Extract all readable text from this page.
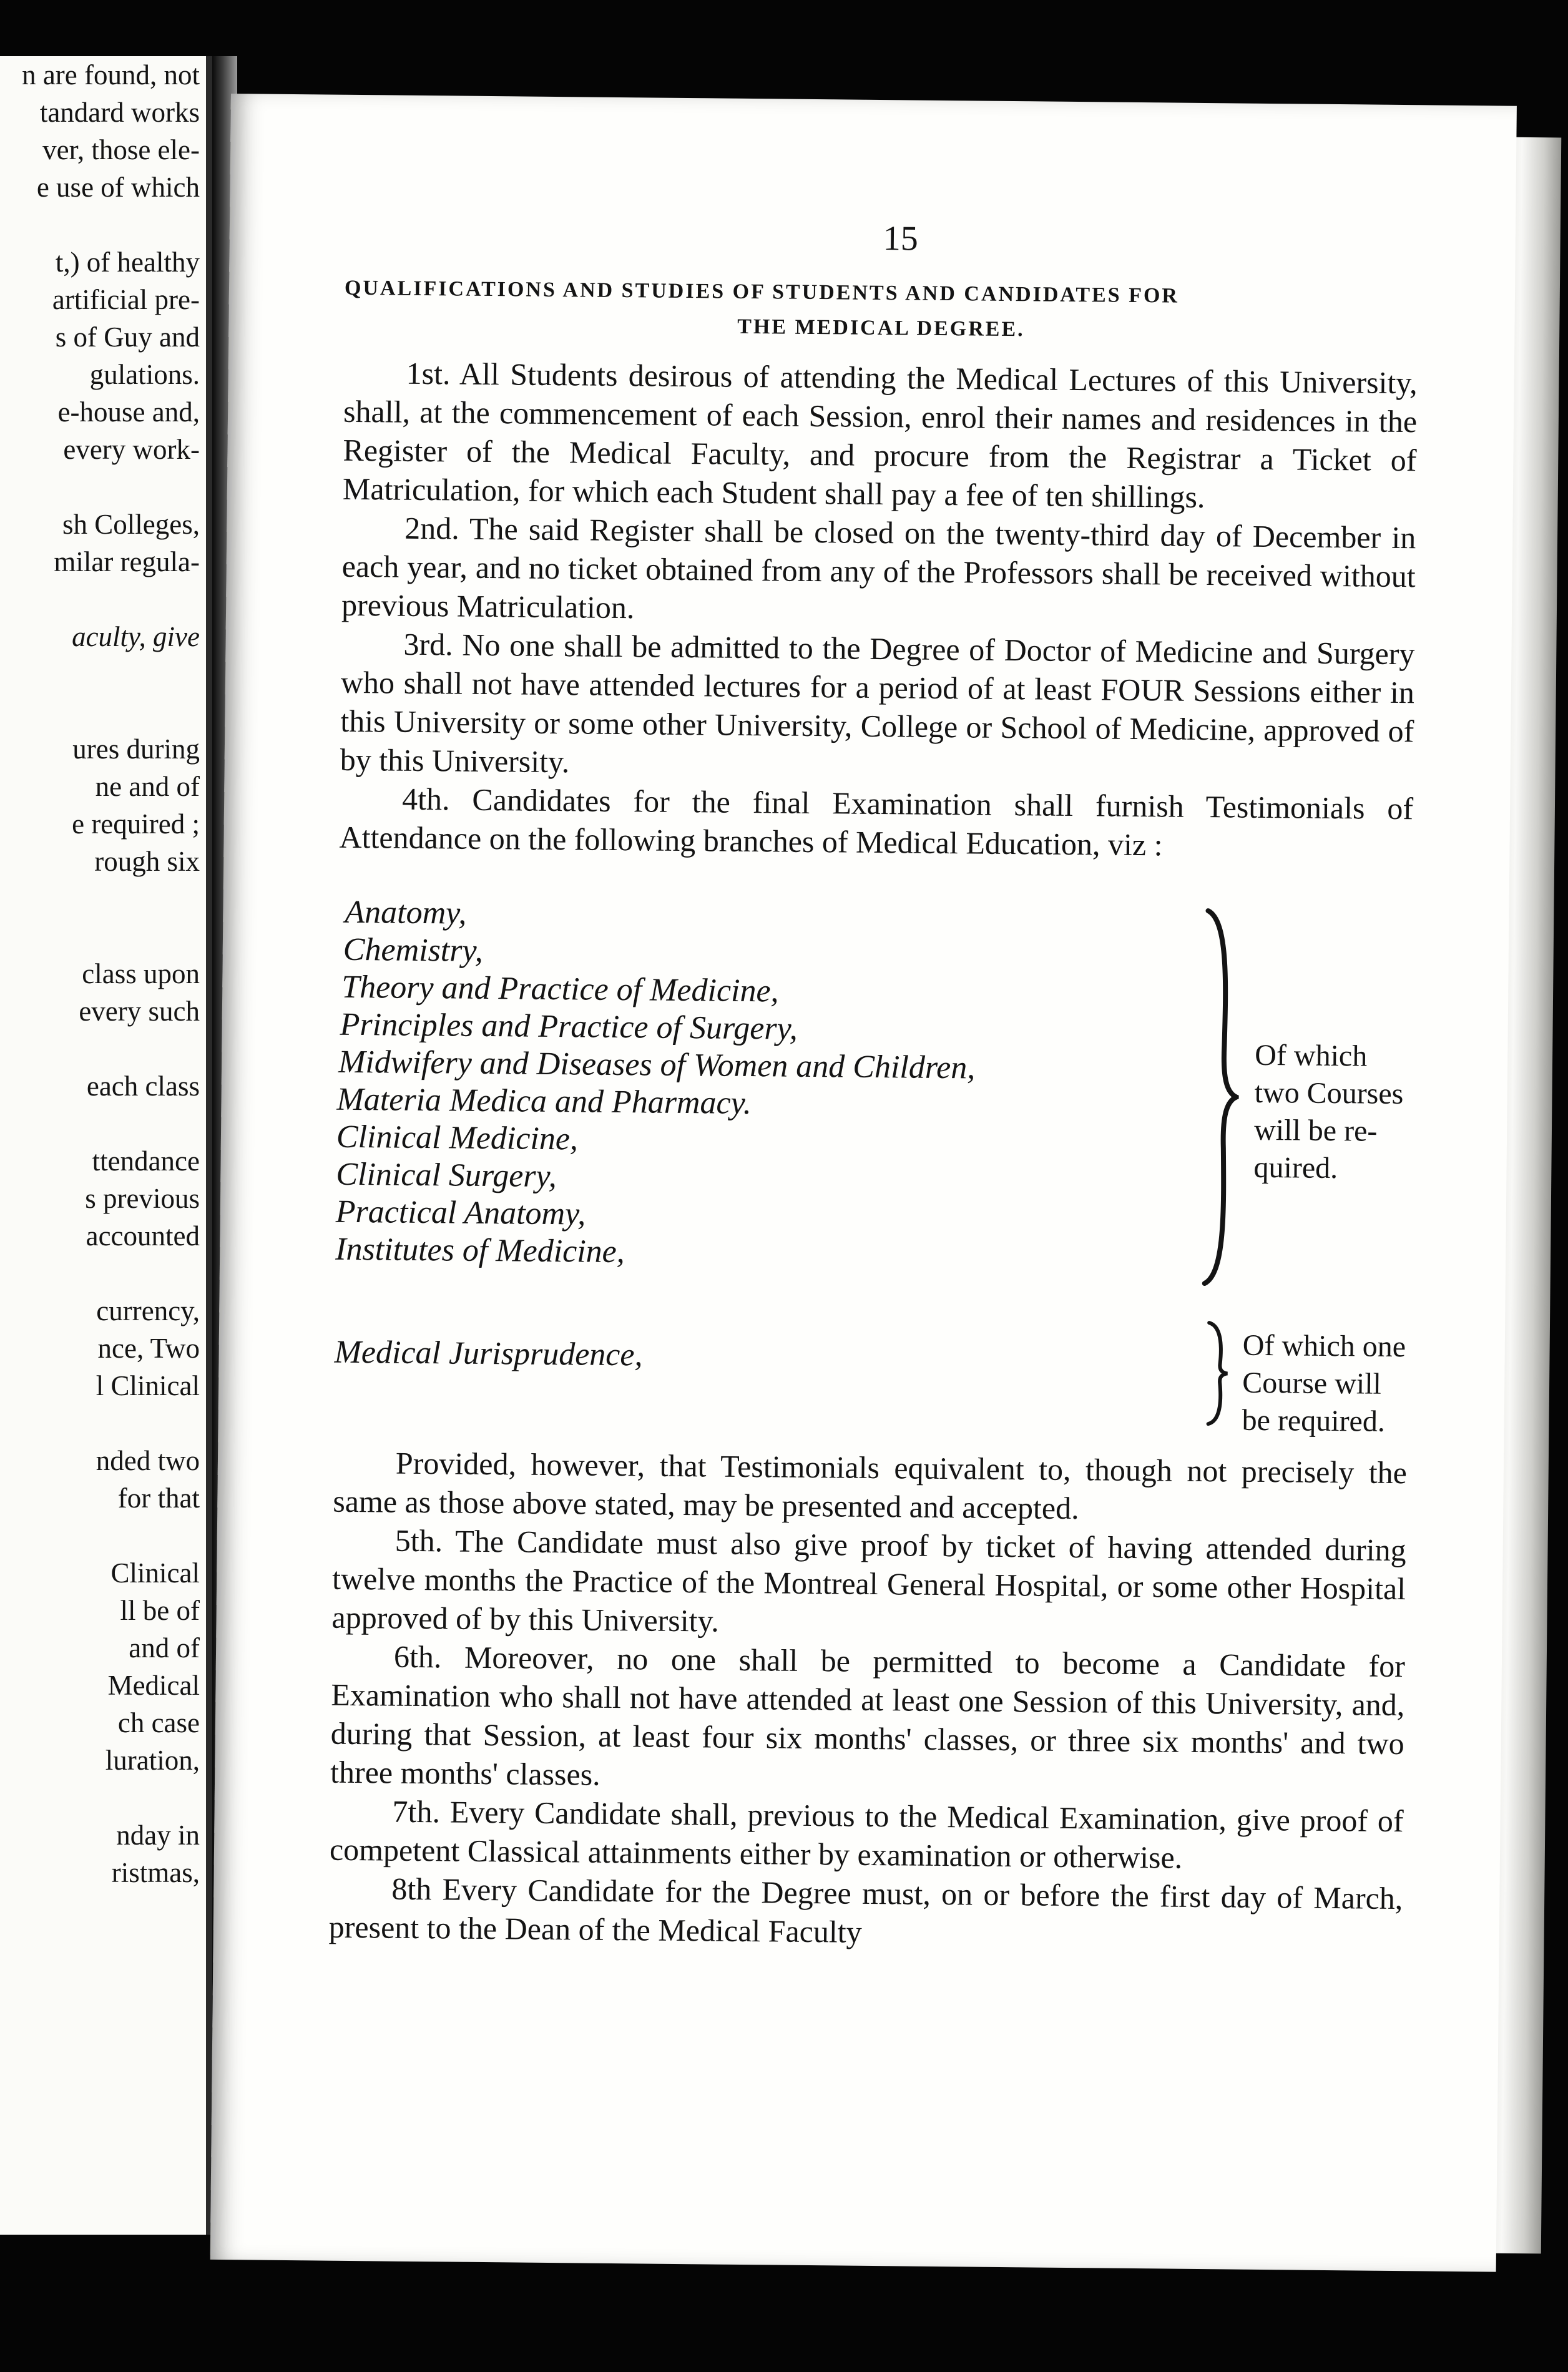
n are found, not
tandard works
ver, those ele-
e use of which
t,) of healthy
artificial pre-
s of Guy and
gulations.
e-house and,
every work-
sh Colleges,
milar regula-
aculty, give
ures during
ne and of
e required ;
rough six
class upon
every such
each class
ttendance
s previous
accounted
currency,
nce, Two
l Clinical
nded two
for that
Clinical
ll be of
and of
Medical
ch case
luration,
nday in
ristmas,
15
QUALIFICATIONS AND STUDIES OF STUDENTS AND CANDIDATES FOR
THE MEDICAL DEGREE.

1st. All Students desirous of attending the Medical Lectures of this University, shall, at the commencement of each Session, enrol their names and residences in the Register of the Medical Faculty, and procure from the Registrar a Ticket of Matriculation, for which each Student shall pay a fee of ten shillings.

2nd. The said Register shall be closed on the twenty-third day of December in each year, and no ticket obtained from any of the Professors shall be received without previous Matriculation.

3rd. No one shall be admitted to the Degree of Doctor of Medicine and Surgery who shall not have attended lectures for a period of at least FOUR Sessions either in this University or some other University, College or School of Medicine, approved of by this University.

4th. Candidates for the final Examination shall furnish Testimonials of Attendance on the following branches of Medical Education, viz :

Anatomy,
Chemistry,
Theory and Practice of Medicine,
Principles and Practice of Surgery,
Midwifery and Diseases of Women and Children,
Materia Medica and Pharmacy.
Clinical Medicine,
Clinical Surgery,
Practical Anatomy,
Institutes of Medicine,
Medical Jurisprudence,
Of which
two Courses
will be re-
quired.
Of which one
Course will
be required.

Provided, however, that Testimonials equivalent to, though not precisely the same as those above stated, may be presented and accepted.

5th. The Candidate must also give proof by ticket of having attended during twelve months the Practice of the Montreal General Hospital, or some other Hospital approved of by this University.

6th. Moreover, no one shall be permitted to become a Candidate for Examination who shall not have attended at least one Session of this University, and, during that Session, at least four six months' classes, or three six months' and two three months' classes.

7th. Every Candidate shall, previous to the Medical Examination, give proof of competent Classical attainments either by examination or otherwise.

8th Every Candidate for the Degree must, on or before the first day of March, present to the Dean of the Medical Faculty
